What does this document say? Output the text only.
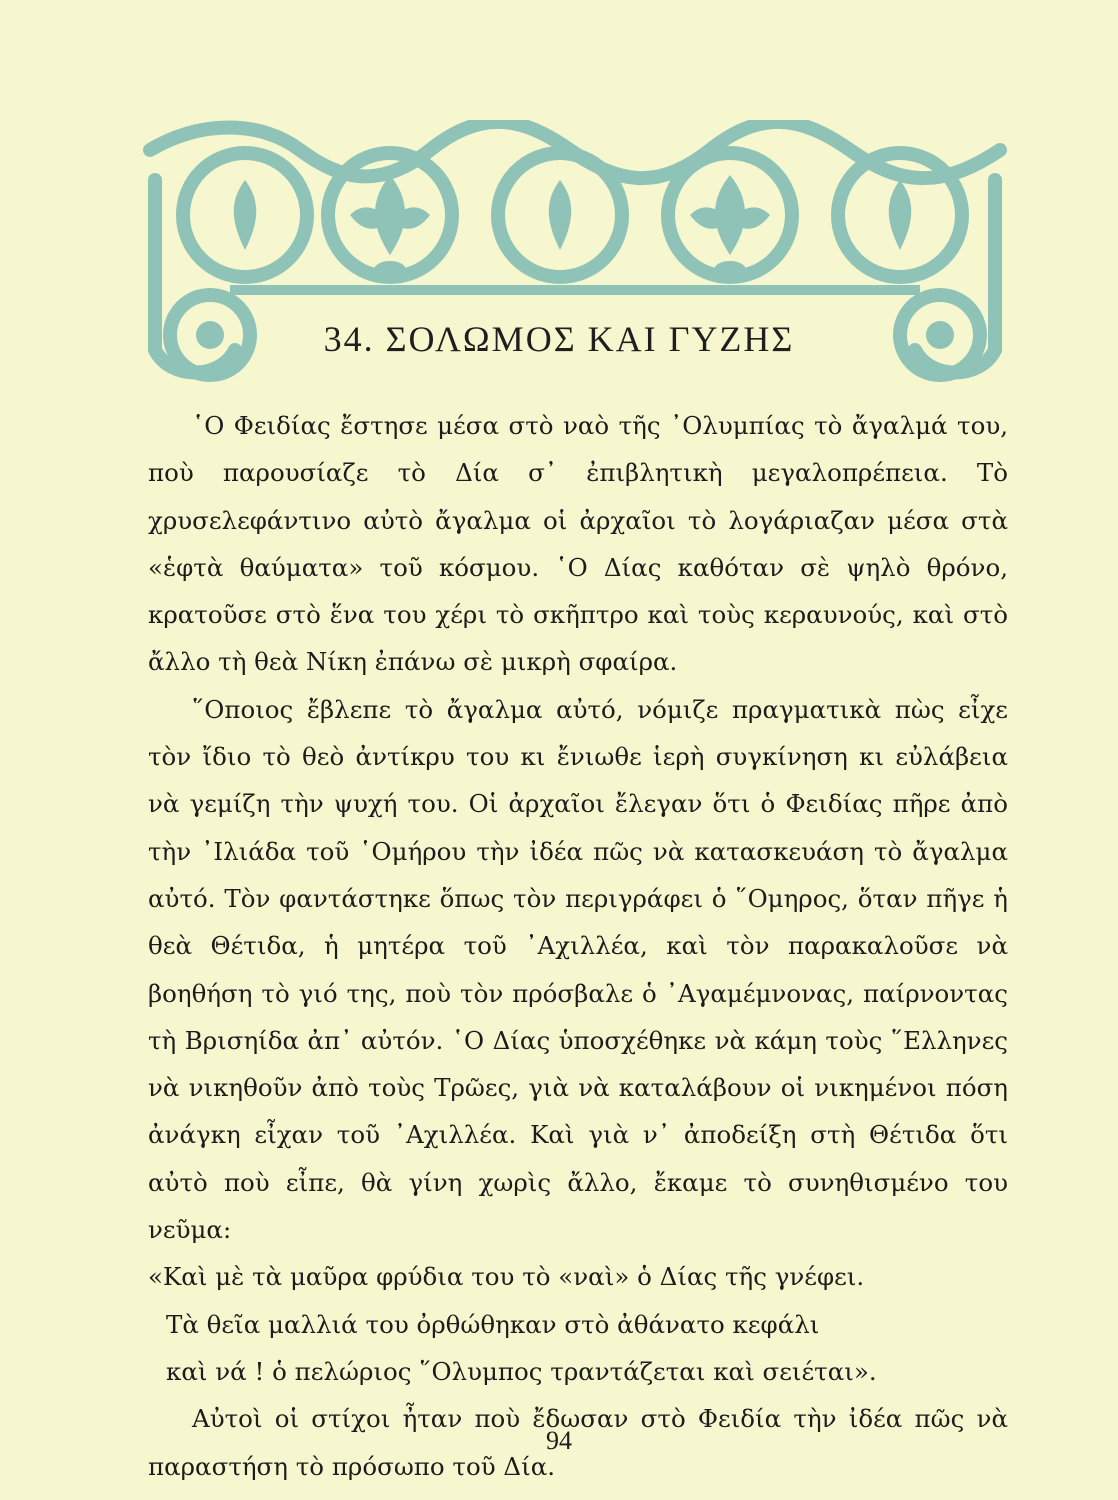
34. ΣΟΛΩΜΟΣ ΚΑΙ ΓΥΖΗΣ

῾Ο Φειδίας ἔστησε μέσα στὸ ναὸ τῆς ᾿Ολυμπίας τὸ ἄγαλμά του, ποὺ παρουσίαζε τὸ Δία σ᾿ ἐπιβλητικὴ μεγαλοπρέπεια. Τὸ χρυσελεφάντινο αὐτὸ ἄγαλμα οἱ ἀρχαῖοι τὸ λογάριαζαν μέσα στὰ «ἑφτὰ θαύματα» τοῦ κόσμου. ῾Ο Δίας καθόταν σὲ ψηλὸ θρόνο, κρατοῦσε στὸ ἕνα του χέρι τὸ σκῆπτρο καὶ τοὺς κεραυνούς, καὶ στὸ ἄλλο τὴ θεὰ Νίκη ἐπάνω σὲ μικρὴ σφαίρα.

῞Οποιος ἔβλεπε τὸ ἄγαλμα αὐτό, νόμιζε πραγματικὰ πὼς εἶχε τὸν ἴδιο τὸ θεὸ ἀντίκρυ του κι ἔνιωθε ἱερὴ συγκίνηση κι εὐλάβεια νὰ γεμίζη τὴν ψυχή του. Οἱ ἀρχαῖοι ἔλεγαν ὅτι ὁ Φειδίας πῆρε ἀπὸ τὴν ᾿Ιλιάδα τοῦ ῾Ομήρου τὴν ἰδέα πῶς νὰ κατασκευάση τὸ ἄγαλμα αὐτό. Τὸν φαντάστηκε ὅπως τὸν περιγράφει ὁ ῞Ομηρος, ὅταν πῆγε ἡ θεὰ Θέτιδα, ἡ μητέρα τοῦ ᾿Αχιλλέα, καὶ τὸν παρακαλοῦσε νὰ βοηθήση τὸ γιό της, ποὺ τὸν πρόσβαλε ὁ ᾿Αγαμέμνονας, παίρνοντας τὴ Βρισηίδα ἀπ᾿ αὐτόν. ῾Ο Δίας ὑποσχέθηκε νὰ κάμη τοὺς ῞Ελληνες νὰ νικηθοῦν ἀπὸ τοὺς Τρῶες, γιὰ νὰ καταλάβουν οἱ νικημένοι πόση ἀνάγκη εἶχαν τοῦ ᾿Αχιλλέα. Καὶ γιὰ ν᾿ ἀποδείξη στὴ Θέτιδα ὅτι αὐτὸ ποὺ εἶπε, θὰ γίνη χωρὶς ἄλλο, ἔκαμε τὸ συνηθισμένο του νεῦμα:

«Καὶ μὲ τὰ μαῦρα φρύδια του τὸ «ναὶ» ὁ Δίας τῆς γνέφει.
Τὰ θεῖα μαλλιά του ὀρθώθηκαν στὸ ἀθάνατο κεφάλι
καὶ νά ! ὁ πελώριος ῞Ολυμπος τραντάζεται καὶ σειέται».

Αὐτοὶ οἱ στίχοι ἦταν ποὺ ἔδωσαν στὸ Φειδία τὴν ἰδέα πῶς νὰ παραστήση τὸ πρόσωπο τοῦ Δία.

94
